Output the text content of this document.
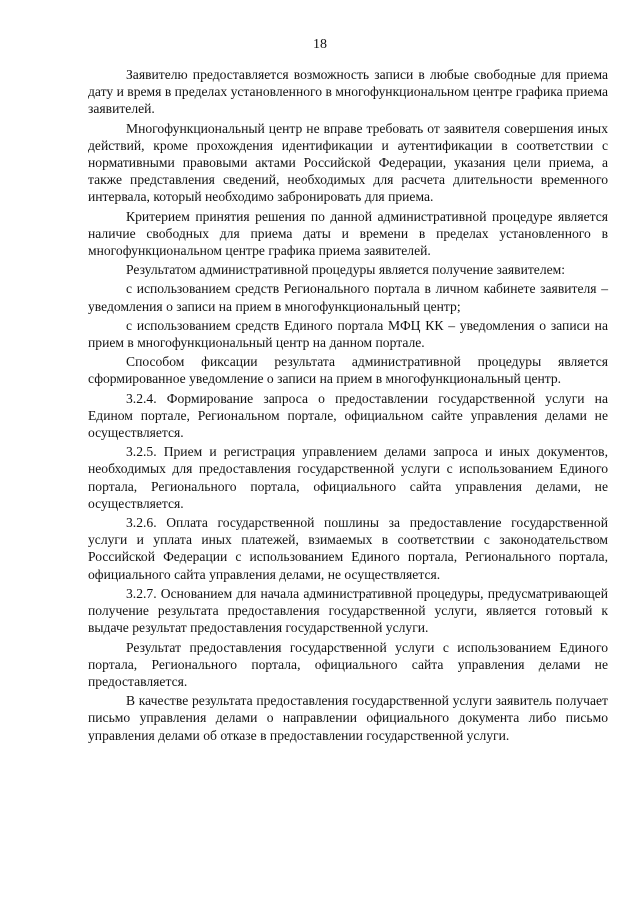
18

Заявителю предоставляется возможность записи в любые свободные для приема дату и время в пределах установленного в многофункциональном центре графика приема заявителей.

Многофункциональный центр не вправе требовать от заявителя совершения иных действий, кроме прохождения идентификации и аутентификации в соответствии с нормативными правовыми актами Российской Федерации, указания цели приема, а также представления сведений, необходимых для расчета длительности временного интервала, который необходимо забронировать для приема.

Критерием принятия решения по данной административной процедуре является наличие свободных для приема даты и времени в пределах установленного в многофункциональном центре графика приема заявителей.

Результатом административной процедуры является получение заявителем:

с использованием средств Регионального портала в личном кабинете заявителя – уведомления о записи на прием в многофункциональный центр;

с использованием средств Единого портала МФЦ КК – уведомления о записи на прием в многофункциональный центр на данном портале.

Способом фиксации результата административной процедуры является сформированное уведомление о записи на прием в многофункциональный центр.

3.2.4. Формирование запроса о предоставлении государственной услуги на Едином портале, Региональном портале, официальном сайте управления делами не осуществляется.

3.2.5. Прием и регистрация управлением делами запроса и иных документов, необходимых для предоставления государственной услуги с использованием Единого портала, Регионального портала, официального сайта управления делами, не осуществляется.

3.2.6. Оплата государственной пошлины за предоставление государственной услуги и уплата иных платежей, взимаемых в соответствии с законодательством Российской Федерации с использованием Единого портала, Регионального портала, официального сайта управления делами, не осуществляется.

3.2.7. Основанием для начала административной процедуры, предусматривающей получение результата предоставления государственной услуги, является готовый к выдаче результат предоставления государственной услуги.

Результат предоставления государственной услуги с использованием Единого портала, Регионального портала, официального сайта управления делами не предоставляется.

В качестве результата предоставления государственной услуги заявитель получает письмо управления делами о направлении официального документа либо письмо управления делами об отказе в предоставлении государственной услуги.
